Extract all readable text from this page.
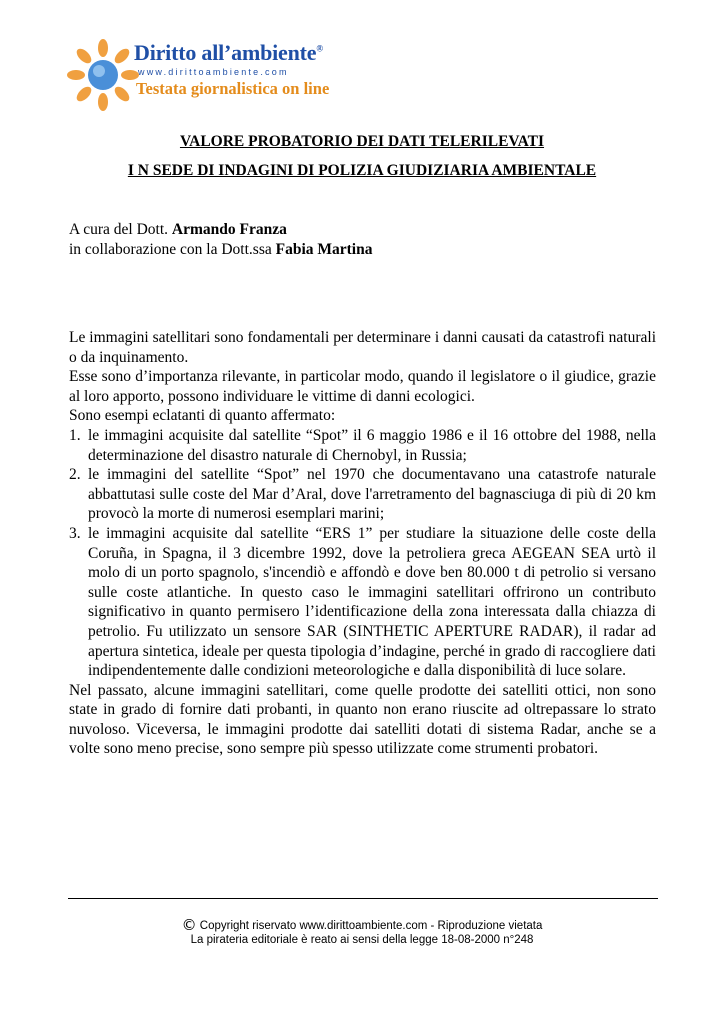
Diritto all’ambiente®
www.dirittoambiente.com
Testata giornalistica on line
VALORE PROBATORIO DEI DATI TELERILEVATI
I N SEDE DI INDAGINI DI POLIZIA GIUDIZIARIA AMBIENTALE
A cura del Dott. Armando Franza
in collaborazione con la Dott.ssa Fabia Martina

Le immagini satellitari sono fondamentali per determinare i danni causati da catastrofi naturali o da inquinamento.

Esse sono d’importanza rilevante, in particolar modo, quando il legislatore o il giudice, grazie al loro apporto, possono individuare le vittime di danni ecologici.

Sono esempi eclatanti di quanto affermato:

1. le immagini acquisite dal satellite “Spot” il 6 maggio 1986 e il 16 ottobre del 1988, nella determinazione del disastro naturale di Chernobyl, in Russia;
2. le immagini del satellite “Spot” nel 1970 che documentavano una catastrofe naturale abbattutasi sulle coste del Mar d’Aral, dove l'arretramento del bagnasciuga di più di 20 km provocò la morte di numerosi esemplari marini;
3. le immagini acquisite dal satellite “ERS 1” per studiare la situazione delle coste della Coruña, in Spagna, il 3 dicembre 1992, dove la petroliera greca AEGEAN SEA urtò il molo di un porto spagnolo, s'incendiò e affondò e dove ben 80.000 t di petrolio si versano sulle coste atlantiche. In questo caso le immagini satellitari offrirono un contributo significativo in quanto permisero l’identificazione della zona interessata dalla chiazza di petrolio. Fu utilizzato un sensore SAR (SINTHETIC APERTURE RADAR), il radar ad apertura sintetica, ideale per questa tipologia d’indagine, perché in grado di raccogliere dati indipendentemente dalle condizioni meteorologiche e dalla disponibilità di luce solare.

Nel passato, alcune immagini satellitari, come quelle prodotte dei satelliti ottici, non sono state in grado di fornire dati probanti, in quanto non erano riuscite ad oltrepassare lo strato nuvoloso. Viceversa, le immagini prodotte dai satelliti dotati di sistema Radar, anche se a volte sono meno precise, sono sempre più spesso utilizzate come strumenti probatori.

© Copyright riservato www.dirittoambiente.com - Riproduzione vietata
La pirateria editoriale è reato ai sensi della legge 18-08-2000 n°248
